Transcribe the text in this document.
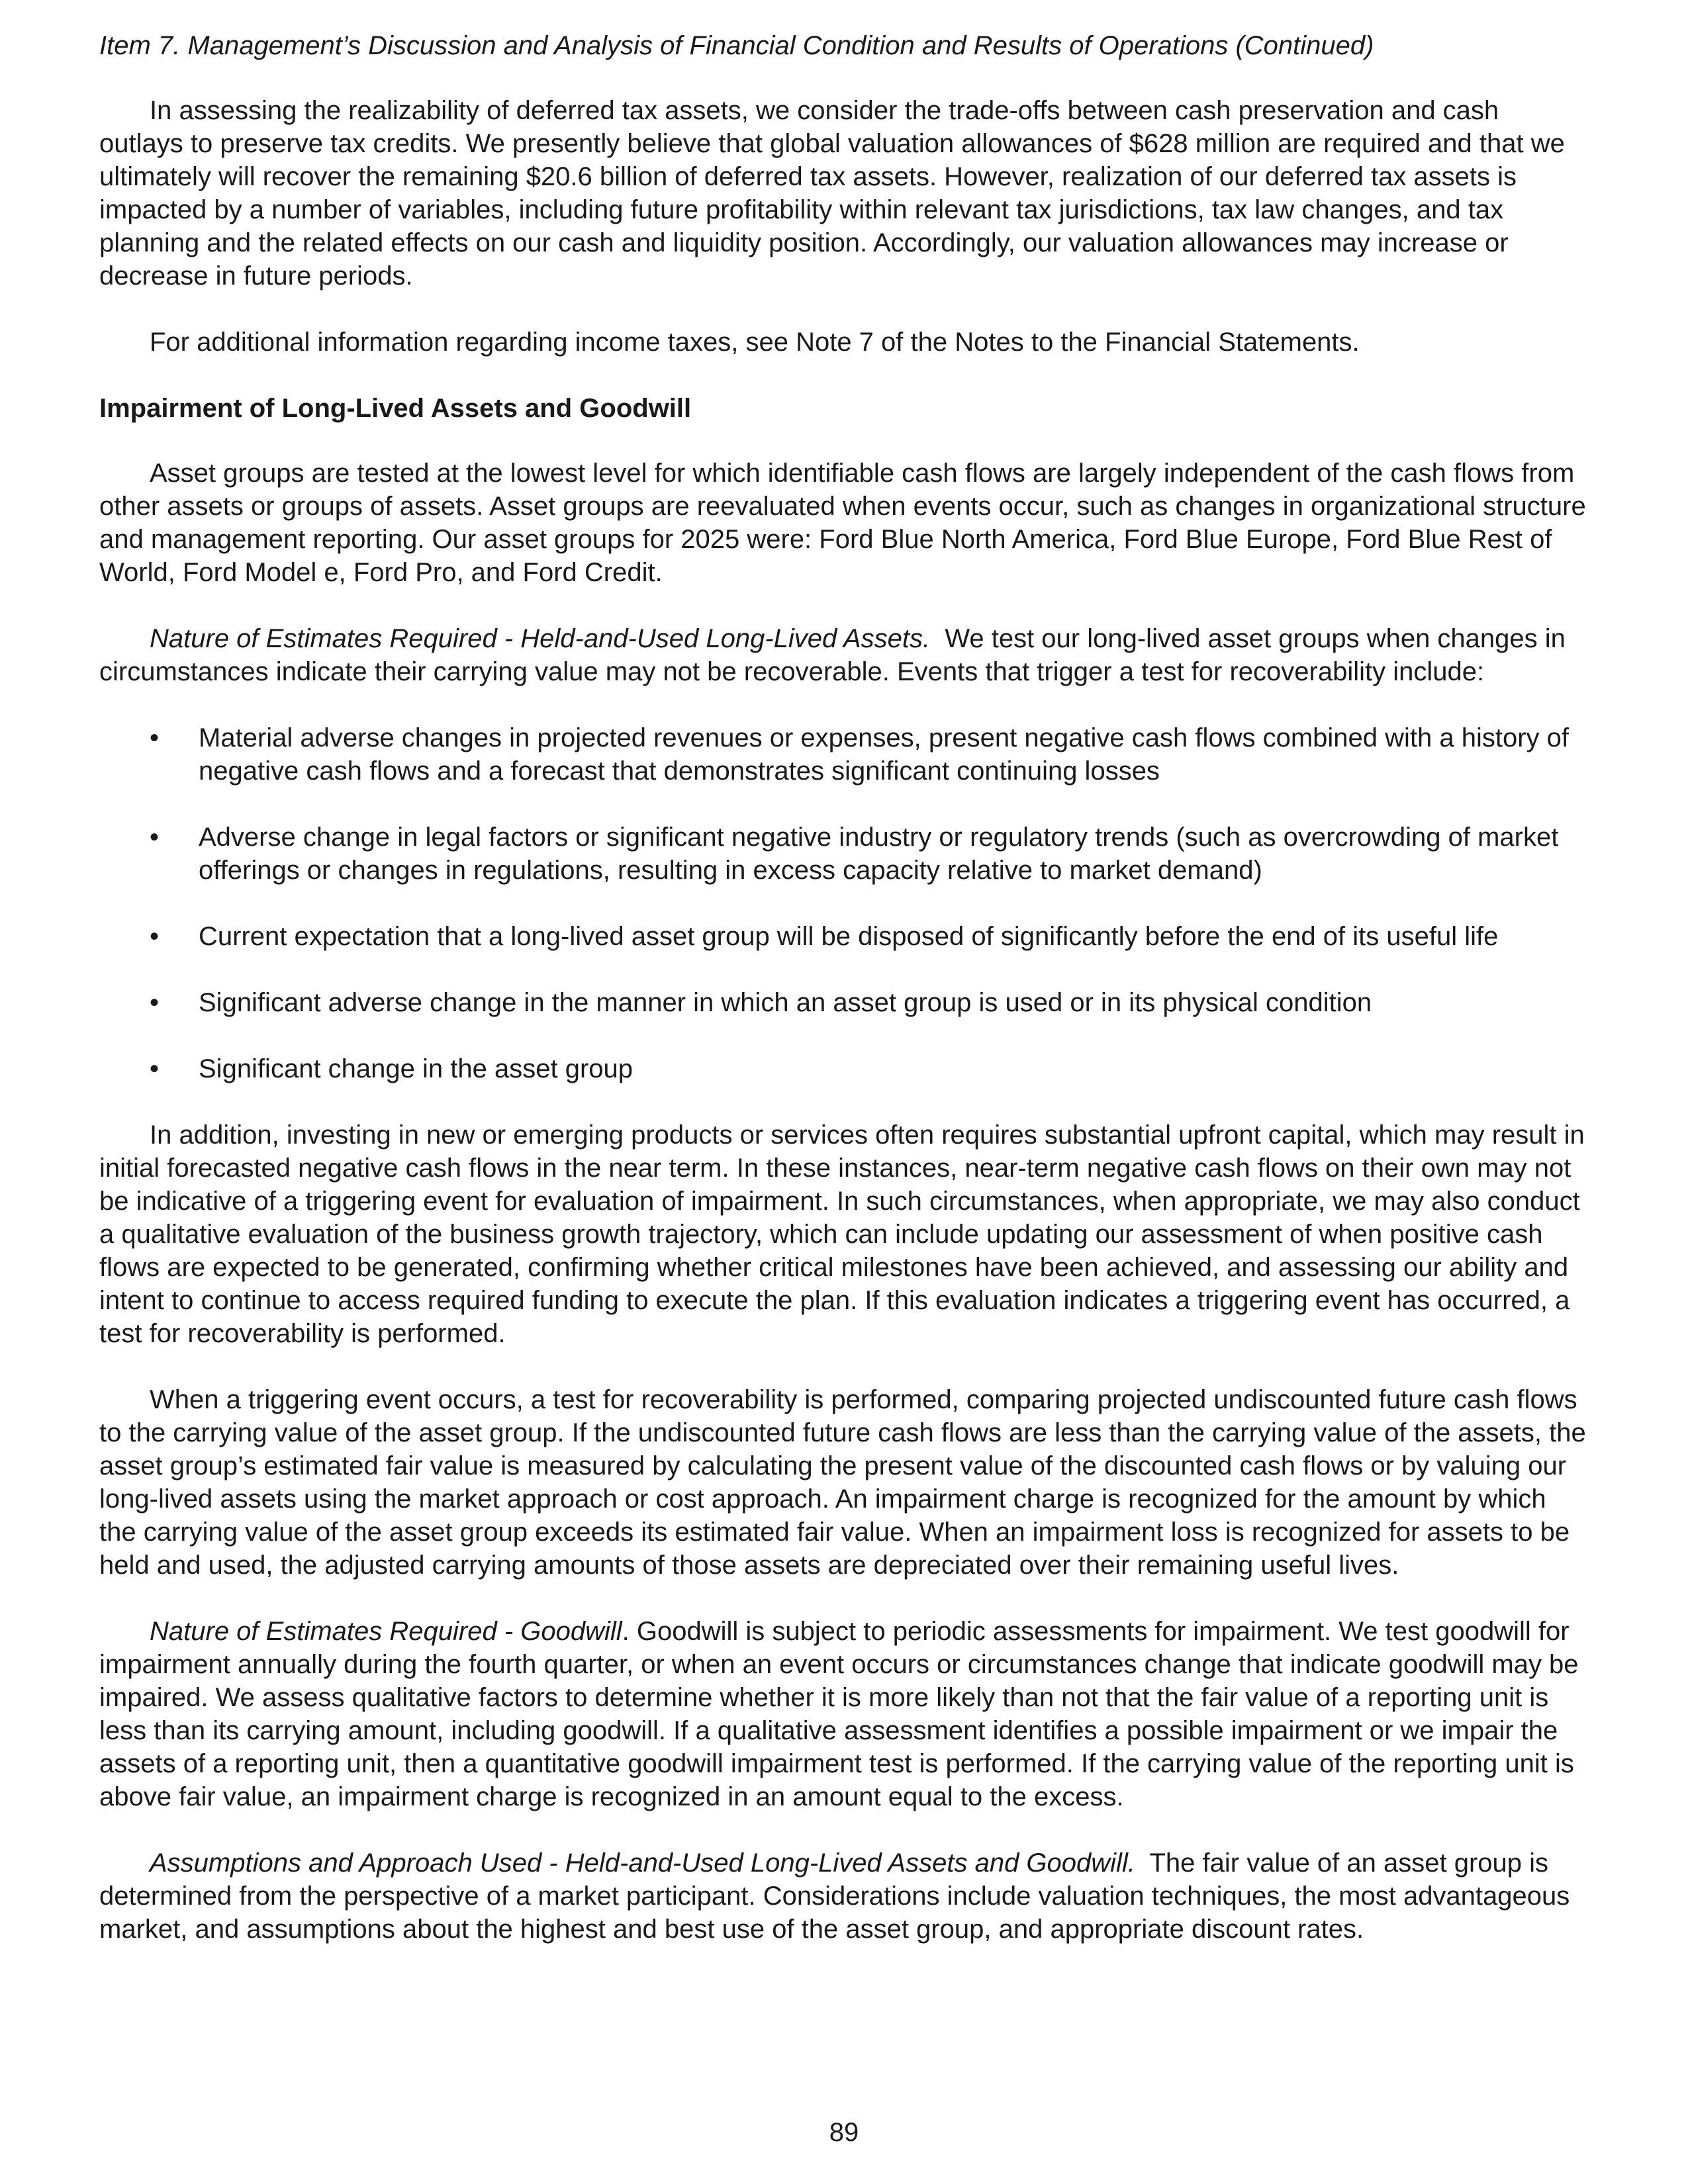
Item 7. Management’s Discussion and Analysis of Financial Condition and Results of Operations (Continued)

In assessing the realizability of deferred tax assets, we consider the trade-offs between cash preservation and cash outlays to preserve tax credits. We presently believe that global valuation allowances of $628 million are required and that we ultimately will recover the remaining $20.6 billion of deferred tax assets. However, realization of our deferred tax assets is impacted by a number of variables, including future profitability within relevant tax jurisdictions, tax law changes, and tax planning and the related effects on our cash and liquidity position. Accordingly, our valuation allowances may increase or decrease in future periods.

For additional information regarding income taxes, see Note 7 of the Notes to the Financial Statements.

Impairment of Long-Lived Assets and Goodwill

Asset groups are tested at the lowest level for which identifiable cash flows are largely independent of the cash flows from other assets or groups of assets. Asset groups are reevaluated when events occur, such as changes in organizational structure and management reporting. Our asset groups for 2025 were: Ford Blue North America, Ford Blue Europe, Ford Blue Rest of World, Ford Model e, Ford Pro, and Ford Credit.

Nature of Estimates Required - Held-and-Used Long-Lived Assets. We test our long-lived asset groups when changes in circumstances indicate their carrying value may not be recoverable. Events that trigger a test for recoverability include:

• Material adverse changes in projected revenues or expenses, present negative cash flows combined with a history of negative cash flows and a forecast that demonstrates significant continuing losses
• Adverse change in legal factors or significant negative industry or regulatory trends (such as overcrowding of market offerings or changes in regulations, resulting in excess capacity relative to market demand)
• Current expectation that a long-lived asset group will be disposed of significantly before the end of its useful life
• Significant adverse change in the manner in which an asset group is used or in its physical condition
• Significant change in the asset group

In addition, investing in new or emerging products or services often requires substantial upfront capital, which may result in initial forecasted negative cash flows in the near term. In these instances, near-term negative cash flows on their own may not be indicative of a triggering event for evaluation of impairment. In such circumstances, when appropriate, we may also conduct a qualitative evaluation of the business growth trajectory, which can include updating our assessment of when positive cash flows are expected to be generated, confirming whether critical milestones have been achieved, and assessing our ability and intent to continue to access required funding to execute the plan. If this evaluation indicates a triggering event has occurred, a test for recoverability is performed.

When a triggering event occurs, a test for recoverability is performed, comparing projected undiscounted future cash flows to the carrying value of the asset group. If the undiscounted future cash flows are less than the carrying value of the assets, the asset group’s estimated fair value is measured by calculating the present value of the discounted cash flows or by valuing our long-lived assets using the market approach or cost approach. An impairment charge is recognized for the amount by which the carrying value of the asset group exceeds its estimated fair value. When an impairment loss is recognized for assets to be held and used, the adjusted carrying amounts of those assets are depreciated over their remaining useful lives.

Nature of Estimates Required - Goodwill. Goodwill is subject to periodic assessments for impairment. We test goodwill for impairment annually during the fourth quarter, or when an event occurs or circumstances change that indicate goodwill may be impaired. We assess qualitative factors to determine whether it is more likely than not that the fair value of a reporting unit is less than its carrying amount, including goodwill. If a qualitative assessment identifies a possible impairment or we impair the assets of a reporting unit, then a quantitative goodwill impairment test is performed. If the carrying value of the reporting unit is above fair value, an impairment charge is recognized in an amount equal to the excess.

Assumptions and Approach Used - Held-and-Used Long-Lived Assets and Goodwill. The fair value of an asset group is determined from the perspective of a market participant. Considerations include valuation techniques, the most advantageous market, and assumptions about the highest and best use of the asset group, and appropriate discount rates.

89
